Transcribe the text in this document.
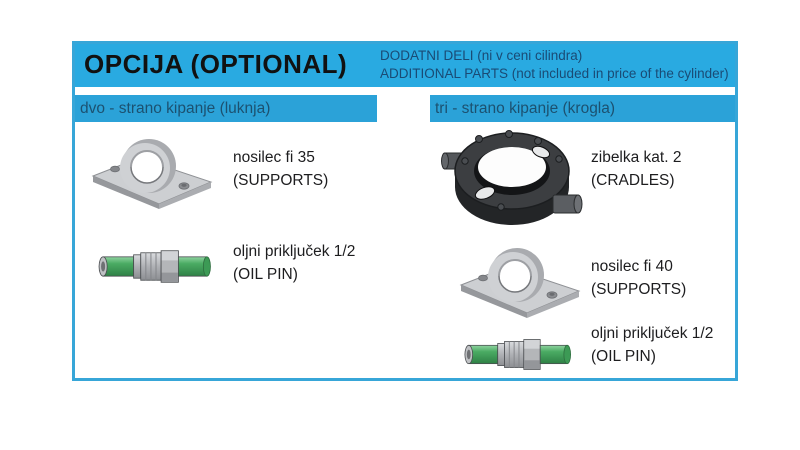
OPCIJA (OPTIONAL) DODATNI DELI (ni v ceni cilindra)
ADDITIONAL PARTS (not included in price of the cylinder)
dvo - strano kipanje (luknja)	tri - strano kipanje (krogla)
nosilec fi 35
(SUPPORTS)
oljni priključek 1/2
(OIL PIN)
zibelka kat. 2
(CRADLES)
nosilec fi 40
(SUPPORTS)
oljni priključek 1/2
(OIL PIN)
